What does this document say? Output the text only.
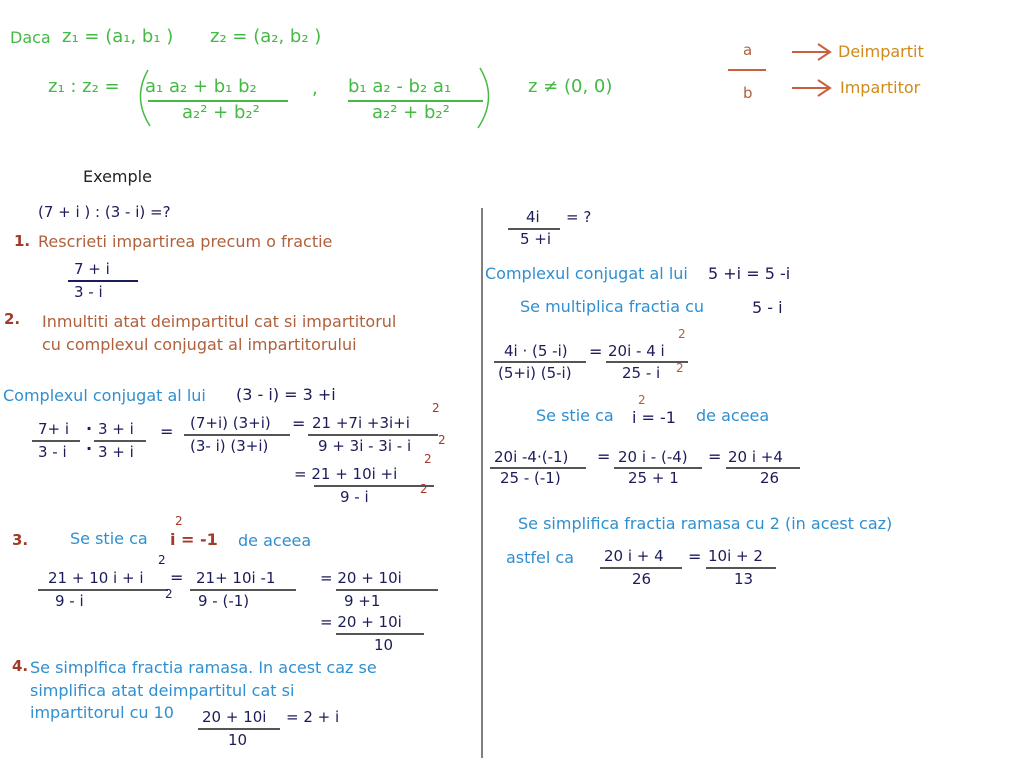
Daca z₁ = (a₁, b₁ ) z₂ = (a₂, b₂ )
z₁ : z₂ = a₁ a₂ + b₁ b₂
a₂² + b₂²
, b₁ a₂ - b₂ a₁
a₂² + b₂²
z ≠ (0, 0)
a
b
Deimpartit
Impartitor
Exemple
(7 + i ) : (3 - i) =?
1. Rescrieti impartirea precum o fractie
7 + i
3 - i
2. Inmultiti atat deimpartitul cat si impartitorul
cu complexul conjugat al impartitorului
Complexul conjugat al lui (3 - i) = 3 +i
7+ i
3 - i
·
·
3 + i
3 + i
= (7+i) (3+i)
(3- i) (3+i)
= 21 +7i +3i+i
2
9 + 3i - 3i - i 2
= 21 + 10i +i
2
9 - i	2
3.	Se stie ca
2
i = -1 de aceea
21 + 10 i + i
2
9 - i	2
= 21+ 10i -1
9 - (-1)
= 20 + 10i
9 +1
= 20 + 10i
10
4. Se simplfica fractia ramasa. In acest caz se
simplifica atat deimpartitul cat si
impartitorul cu 10 20 + 10i = 2 + i
10
4i = ?
5 +i
Complexul conjugat al lui 5 +i = 5 -i
Se multiplica fractia cu	5 - i
4i · (5 -i)
(5+i) (5-i)
= 20i - 4 i
2
25 - i 2
Se stie ca
2
i = -1 de aceea
20i -4·(-1)
25 - (-1)
= 20 i - (-4)
25 + 1
= 20 i +4
26
Se simplifica fractia ramasa cu 2 (in acest caz)
astfel ca 20 i + 4
26
= 10i + 2
13
